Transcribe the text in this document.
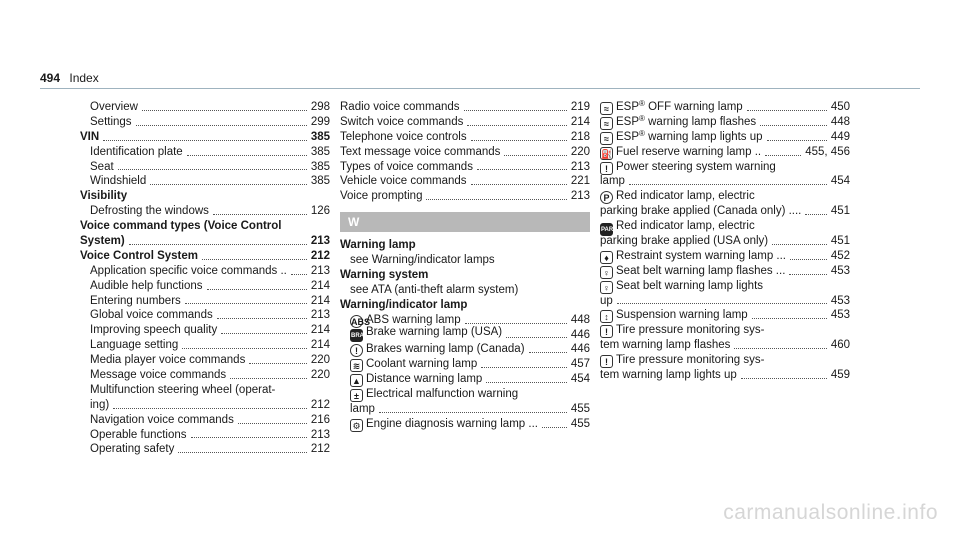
494 Index
Overview	298
Settings	299
VIN	385
Identification plate	385
Seat	385
Windshield	385
Visibility
Defrosting the windows	126
Voice command types (Voice Control
System)	213
Voice Control System	212
Application specific voice commands .. 213
Audible help functions	214
Entering numbers	214
Global voice commands	213
Improving speech quality	214
Language setting	214
Media player voice commands	220
Message voice commands	220
Multifunction steering wheel (operat-
ing)	212
Navigation voice commands	216
Operable functions	213
Operating safety	212
Radio voice commands	219
Switch voice commands	214
Telephone voice controls	218
Text message voice commands	220
Types of voice commands	213
Vehicle voice commands	221
Voice prompting	213
W
Warning lamp
see Warning/indicator lamps
Warning system
see ATA (anti-theft alarm system)
Warning/indicator lamp
ABSABS warning lamp	448
BRAKEBrake warning lamp (USA)	446
! Brakes warning lamp (Canada)	446
≋ Coolant warning lamp	457
▲ Distance warning lamp	454
± Electrical malfunction warning
lamp	455
⚙ Engine diagnosis warning lamp ...	455
≈ ESP® OFF warning lamp	450
≈ ESP® warning lamp flashes	448
≈ ESP® warning lamp lights up	449
⛽ Fuel reserve warning lamp ..	455, 456
! Power steering system warning
lamp	454
P Red indicator lamp, electric
parking brake applied (Canada only) ....	451
PARKRed indicator lamp, electric
parking brake applied (USA only)	451
♦ Restraint system warning lamp ...	452
♀ Seat belt warning lamp flashes ...	453
♀ Seat belt warning lamp lights
up	453
↕ Suspension warning lamp	453
! Tire pressure monitoring sys-
tem warning lamp flashes	460
! Tire pressure monitoring sys-
tem warning lamp lights up	459
carmanualsonline.info
